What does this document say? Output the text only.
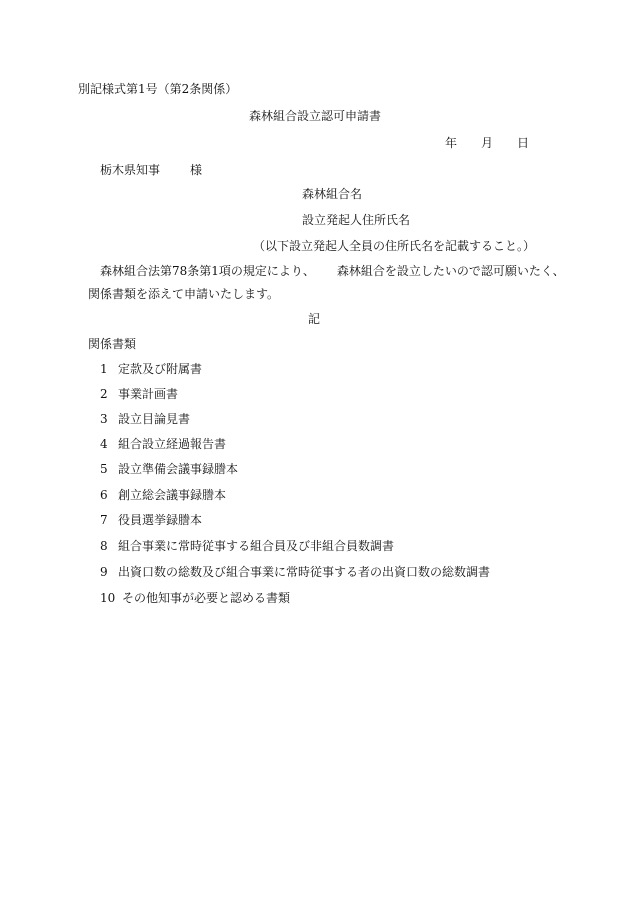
別記様式第1号（第2条関係）
森林組合設立認可申請書
年 月 日
栃木県知事	様
森林組合名
設立発起人住所氏名
（以下設立発起人全員の住所氏名を記載すること。）
森林組合法第78条第1項の規定により、 森林組合を設立したいので認可願いたく、
関係書類を添えて申請いたします。
記
関係書類
1 定款及び附属書
2 事業計画書
3 設立目論見書
4 組合設立経過報告書
5 設立準備会議事録謄本
6 創立総会議事録謄本
7 役員選挙録謄本
8 組合事業に常時従事する組合員及び非組合員数調書
9 出資口数の総数及び組合事業に常時従事する者の出資口数の総数調書
10 その他知事が必要と認める書類
